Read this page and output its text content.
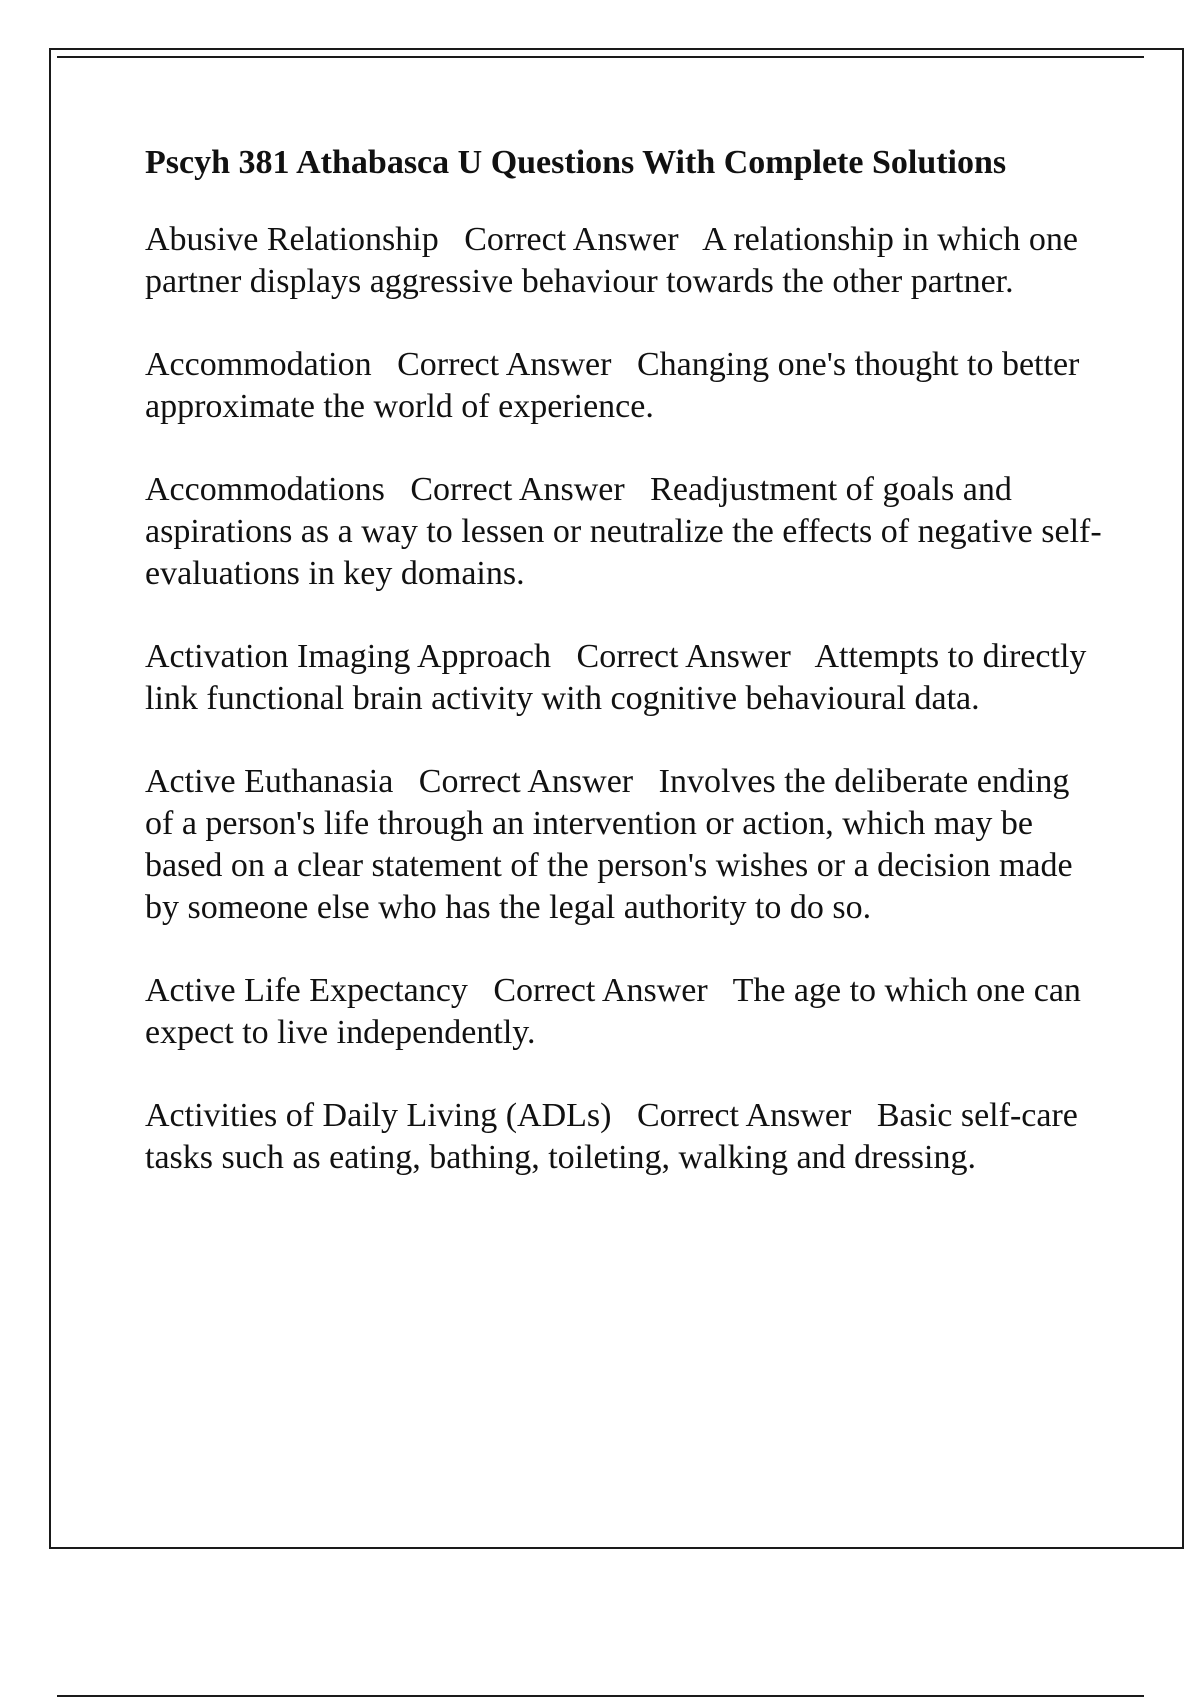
Pscyh 381 Athabasca U Questions With Complete Solutions

Abusive Relationship Correct Answer A relationship in which one partner displays aggressive behaviour towards the other partner.

Accommodation Correct Answer Changing one's thought to better approximate the world of experience.

Accommodations Correct Answer Readjustment of goals and aspirations as a way to lessen or neutralize the effects of negative self-evaluations in key domains.

Activation Imaging Approach Correct Answer Attempts to directly link functional brain activity with cognitive behavioural data.

Active Euthanasia Correct Answer Involves the deliberate ending of a person's life through an intervention or action, which may be based on a clear statement of the person's wishes or a decision made by someone else who has the legal authority to do so.

Active Life Expectancy Correct Answer The age to which one can expect to live independently.

Activities of Daily Living (ADLs) Correct Answer Basic self-care tasks such as eating, bathing, toileting, walking and dressing.
